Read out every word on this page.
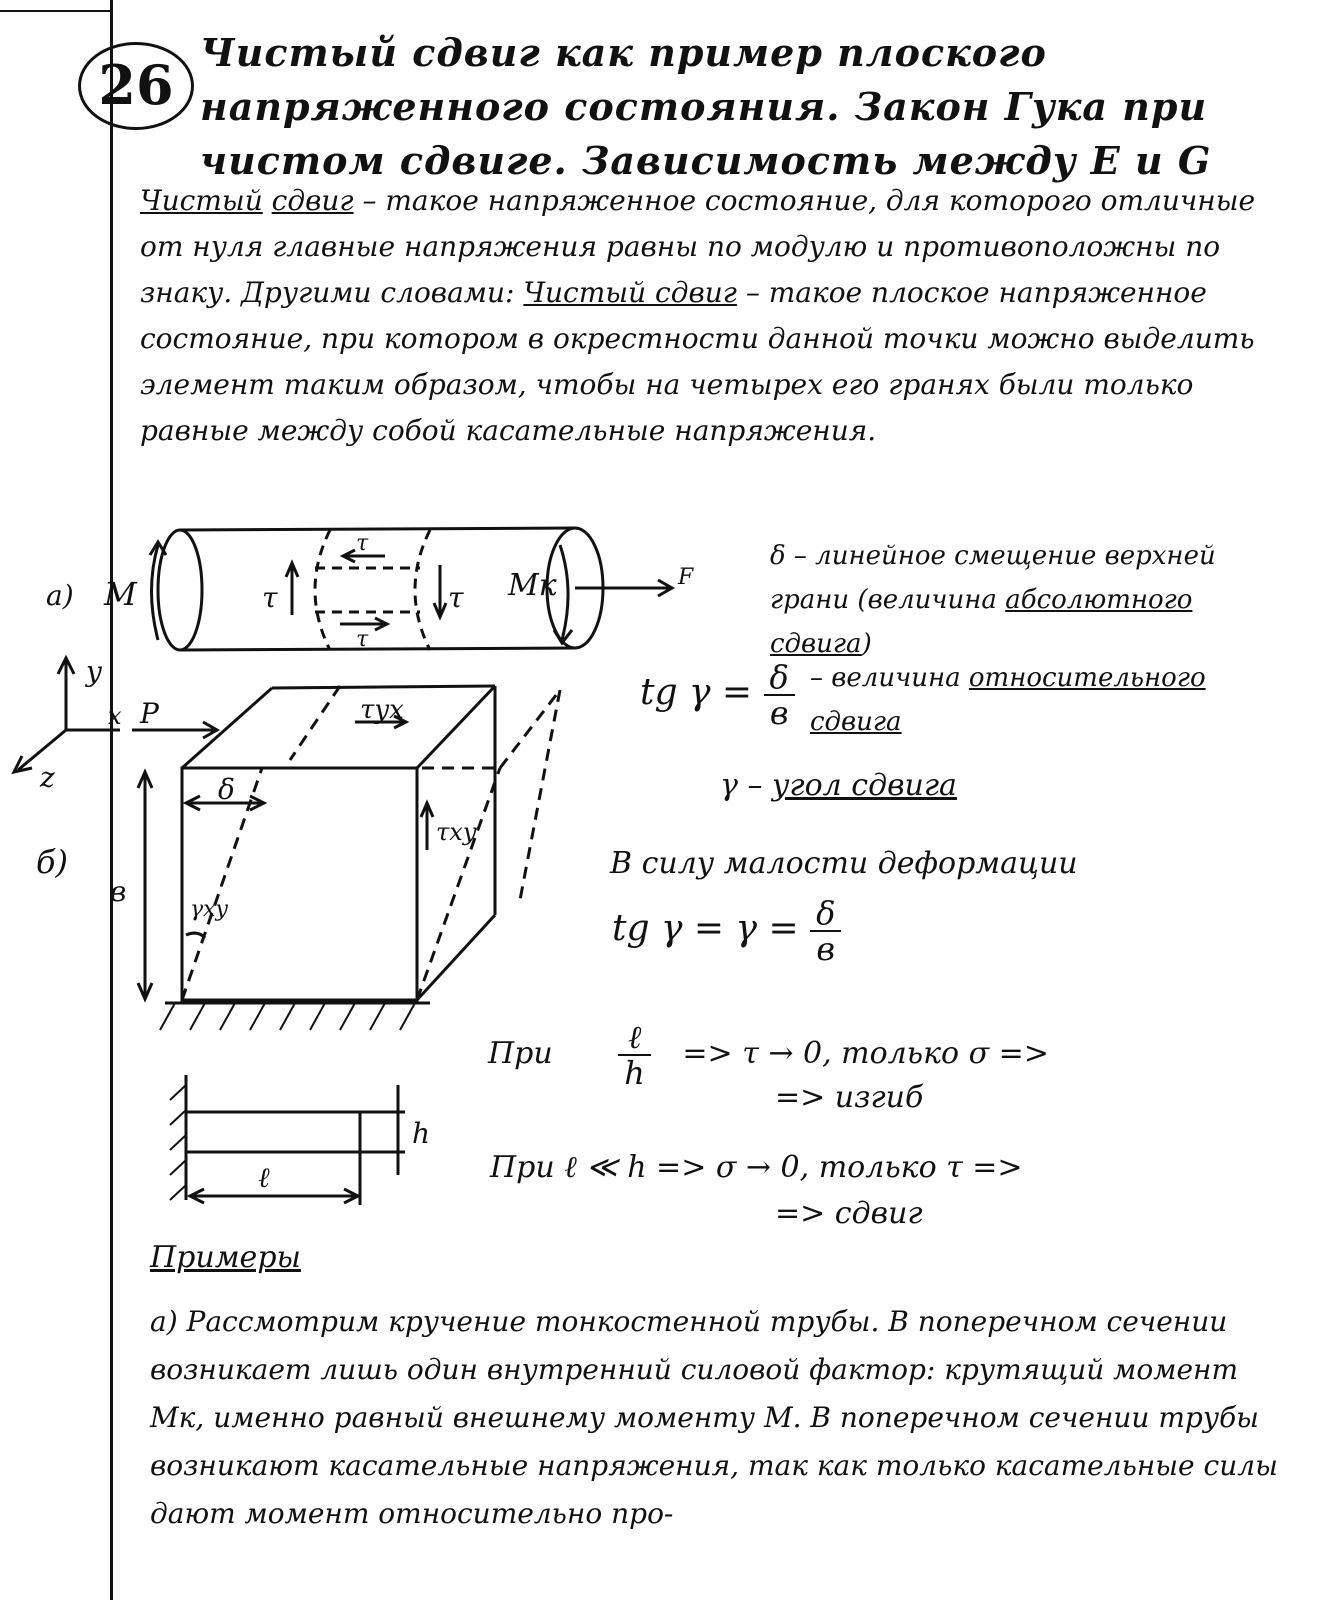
26
Чистый сдвиг как пример плоского напряженного состояния. Закон Гука при чистом сдвиге. Зависимость между E и G
Чистый сдвиг – такое напряженное состояние, для которого отличные от нуля главные напряжения равны по модулю и противоположны по знаку. Другими словами: Чистый сдвиг – такое плоское напряженное состояние, при котором в окрестности данной точки можно выделить элемент таким образом, чтобы на четырех его гранях были только равные между собой касательные напряжения.
а) M	Mк
τ	τ
τ
τ
F
y
x
z
P	τyx
τxy
δ
γxy
в
б)
h
ℓ
δ – линейное смещение верхней грани (величина абсолютного сдвига)
tg $\gamma = \frac{\delta}{в}$ – величина относительного сдвига
γ – угол сдвига
В силу малости деформации
tg $\gamma = \gamma = \frac{\delta}{в}$
При $\frac{\text{ℓ}}{h} => \tau \to 0$, только σ =>
=> изгиб
При ℓ ≪ h => σ → 0, только τ =>
=> сдвиг
Примеры
а) Рассмотрим кручение тонкостенной трубы. В поперечном сечении возникает лишь один внутренний силовой фактор: крутящий момент Mк, именно равный внешнему моменту M. В поперечном сечении трубы возникают касательные напряжения, так как только касательные силы дают момент относительно про-
